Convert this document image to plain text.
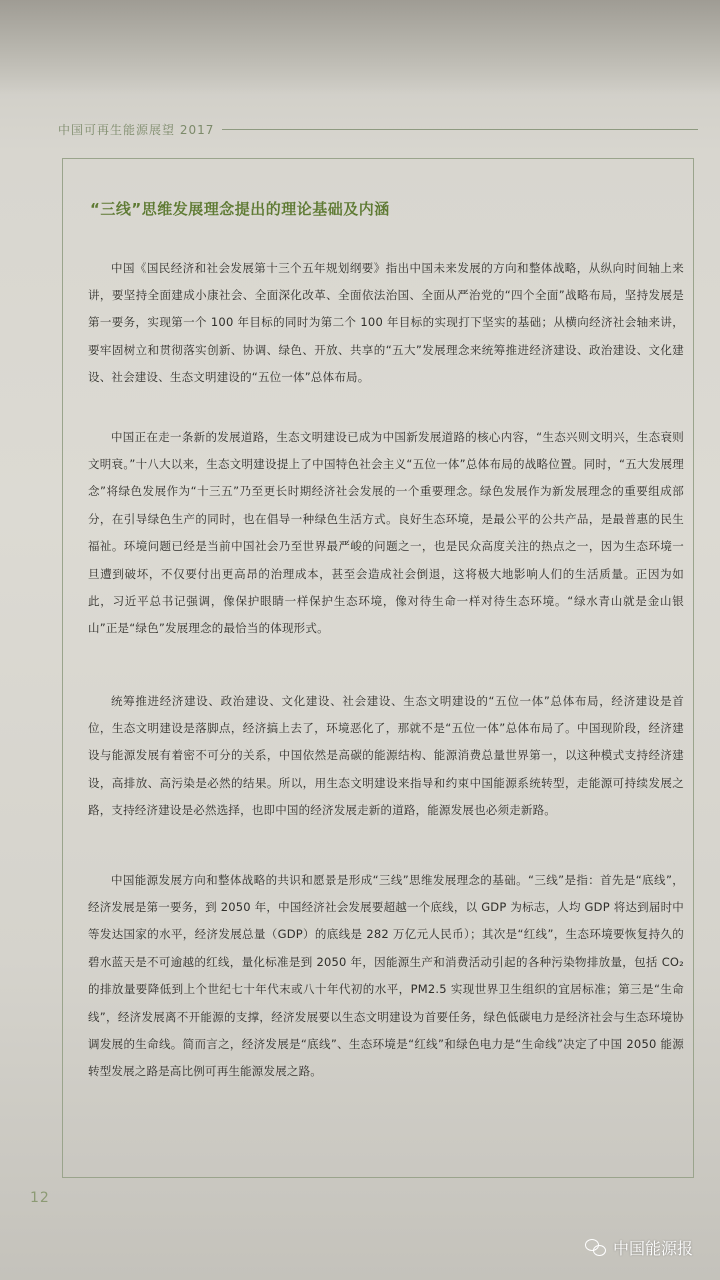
中国可再生能源展望 2017
“三线”思维发展理念提出的理论基础及内涵

中国《国民经济和社会发展第十三个五年规划纲要》指出中国未来发展的方向和整体战略，从纵向时间轴上来讲，要坚持全面建成小康社会、全面深化改革、全面依法治国、全面从严治党的“四个全面”战略布局，坚持发展是第一要务，实现第一个 100 年目标的同时为第二个 100 年目标的实现打下坚实的基础；从横向经济社会轴来讲，要牢固树立和贯彻落实创新、协调、绿色、开放、共享的“五大”发展理念来统筹推进经济建设、政治建设、文化建设、社会建设、生态文明建设的“五位一体”总体布局。

中国正在走一条新的发展道路，生态文明建设已成为中国新发展道路的核心内容，“生态兴则文明兴，生态衰则文明衰。”十八大以来，生态文明建设提上了中国特色社会主义“五位一体”总体布局的战略位置。同时，“五大发展理念”将绿色发展作为“十三五”乃至更长时期经济社会发展的一个重要理念。绿色发展作为新发展理念的重要组成部分，在引导绿色生产的同时，也在倡导一种绿色生活方式。良好生态环境，是最公平的公共产品，是最普惠的民生福祉。环境问题已经是当前中国社会乃至世界最严峻的问题之一，也是民众高度关注的热点之一，因为生态环境一旦遭到破坏，不仅要付出更高昂的治理成本，甚至会造成社会倒退，这将极大地影响人们的生活质量。正因为如此，习近平总书记强调，像保护眼睛一样保护生态环境，像对待生命一样对待生态环境。“绿水青山就是金山银山”正是“绿色”发展理念的最恰当的体现形式。

统筹推进经济建设、政治建设、文化建设、社会建设、生态文明建设的“五位一体”总体布局，经济建设是首位，生态文明建设是落脚点，经济搞上去了，环境恶化了，那就不是“五位一体”总体布局了。中国现阶段，经济建设与能源发展有着密不可分的关系，中国依然是高碳的能源结构、能源消费总量世界第一，以这种模式支持经济建设，高排放、高污染是必然的结果。所以，用生态文明建设来指导和约束中国能源系统转型，走能源可持续发展之路，支持经济建设是必然选择，也即中国的经济发展走新的道路，能源发展也必须走新路。

中国能源发展方向和整体战略的共识和愿景是形成“三线”思维发展理念的基础。“三线”是指：首先是“底线”，经济发展是第一要务，到 2050 年，中国经济社会发展要超越一个底线，以 GDP 为标志，人均 GDP 将达到届时中等发达国家的水平，经济发展总量（GDP）的底线是 282 万亿元人民币）；其次是“红线”，生态环境要恢复持久的碧水蓝天是不可逾越的红线，量化标准是到 2050 年，因能源生产和消费活动引起的各种污染物排放量，包括 CO₂ 的排放量要降低到上个世纪七十年代末或八十年代初的水平，PM2.5 实现世界卫生组织的宜居标准；第三是“生命线”，经济发展离不开能源的支撑，经济发展要以生态文明建设为首要任务，绿色低碳电力是经济社会与生态环境协调发展的生命线。简而言之，经济发展是“底线”、生态环境是“红线”和绿色电力是“生命线”决定了中国 2050 能源转型发展之路是高比例可再生能源发展之路。

12
中国能源报
